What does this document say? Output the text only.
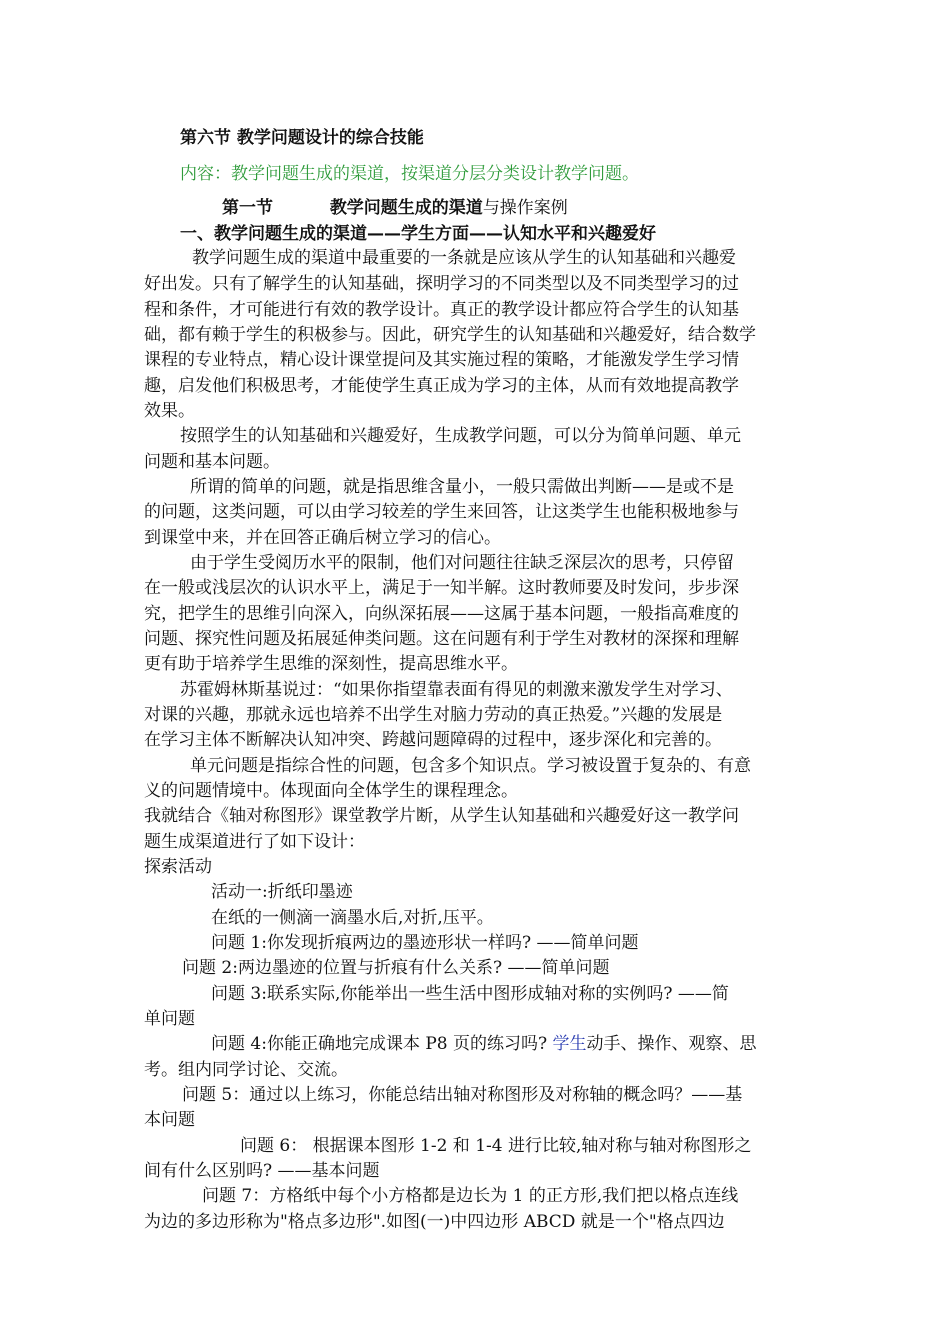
第六节 教学问题设计的综合技能
内容：教学问题生成的渠道，按渠道分层分类设计教学问题。
第一节	教学问题生成的渠道与操作案例
一、教学问题生成的渠道——学生方面——认知水平和兴趣爱好
教学问题生成的渠道中最重要的一条就是应该从学生的认知基础和兴趣爱
好出发。只有了解学生的认知基础，探明学习的不同类型以及不同类型学习的过
程和条件，才可能进行有效的教学设计。真正的教学设计都应符合学生的认知基
础，都有赖于学生的积极参与。因此，研究学生的认知基础和兴趣爱好，结合数学
课程的专业特点，精心设计课堂提问及其实施过程的策略，才能激发学生学习情
趣，启发他们积极思考，才能使学生真正成为学习的主体，从而有效地提高教学
效果。
按照学生的认知基础和兴趣爱好，生成教学问题，可以分为简单问题、单元
问题和基本问题。
所谓的简单的问题，就是指思维含量小，一般只需做出判断——是或不是
的问题，这类问题，可以由学习较差的学生来回答，让这类学生也能积极地参与
到课堂中来，并在回答正确后树立学习的信心。
由于学生受阅历水平的限制，他们对问题往往缺乏深层次的思考，只停留
在一般或浅层次的认识水平上，满足于一知半解。这时教师要及时发问，步步深
究，把学生的思维引向深入，向纵深拓展——这属于基本问题，一般指高难度的
问题、探究性问题及拓展延伸类问题。这在问题有利于学生对教材的深探和理解
更有助于培养学生思维的深刻性，提高思维水平。
苏霍姆林斯基说过：“如果你指望靠表面有得见的刺激来激发学生对学习、
对课的兴趣，那就永远也培养不出学生对脑力劳动的真正热爱。”兴趣的发展是
在学习主体不断解决认知冲突、跨越问题障碍的过程中，逐步深化和完善的。
单元问题是指综合性的问题，包含多个知识点。学习被设置于复杂的、有意
义的问题情境中。体现面向全体学生的课程理念。
我就结合《轴对称图形》课堂教学片断，从学生认知基础和兴趣爱好这一教学问
题生成渠道进行了如下设计：
探索活动
活动一:折纸印墨迹
在纸的一侧滴一滴墨水后,对折,压平。
问题 1:你发现折痕两边的墨迹形状一样吗? ——简单问题
问题 2:两边墨迹的位置与折痕有什么关系? ——简单问题
问题 3:联系实际,你能举出一些生活中图形成轴对称的实例吗? ——简
单问题
问题 4:你能正确地完成课本 P8 页的练习吗? 学生动手、操作、观察、思
考。组内同学讨论、交流。
问题 5：通过以上练习，你能总结出轴对称图形及对称轴的概念吗？——基
本问题
问题 6： 根据课本图形 1-2 和 1-4 进行比较,轴对称与轴对称图形之
间有什么区别吗? ——基本问题
问题 7：方格纸中每个小方格都是边长为 1 的正方形,我们把以格点连线
为边的多边形称为"格点多边形".如图(一)中四边形 ABCD 就是一个"格点四边
